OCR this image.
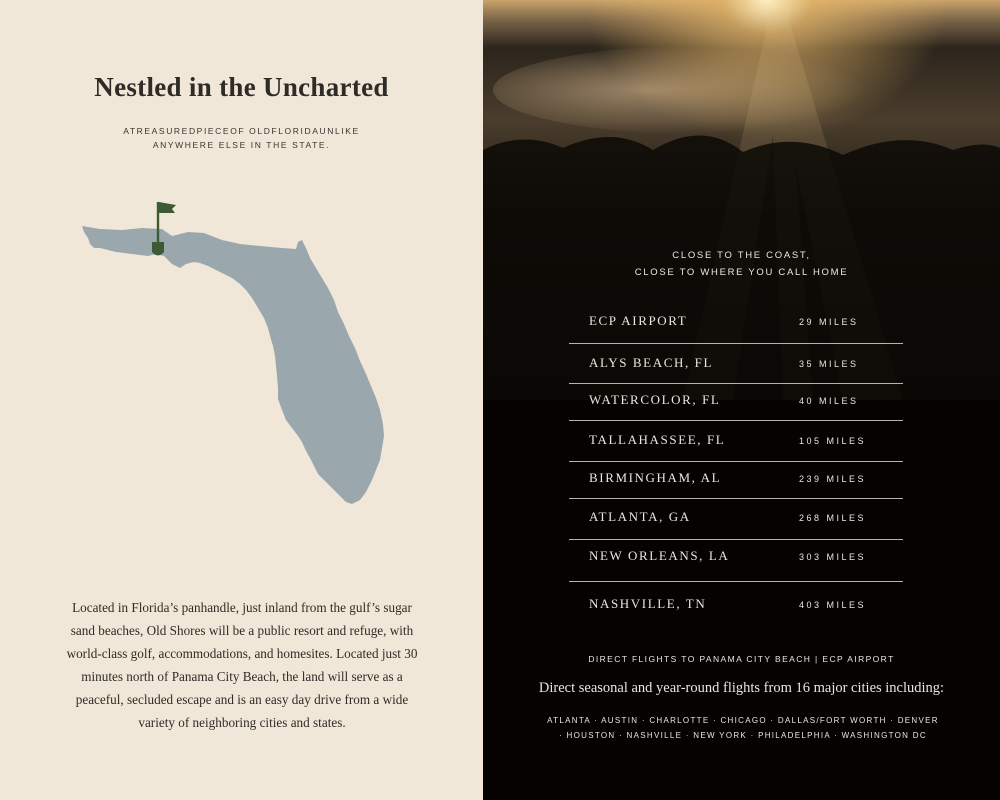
Nestled in the Uncharted
ATREASUREDPIECEOF OLDFLORIDAUNLIKE
ANYWHERE ELSE IN THE STATE.

Located in Florida’s panhandle, just inland from the gulf’s sugar sand beaches, Old Shores will be a public resort and refuge, with world-class golf, accommodations, and homesites. Located just 30 minutes north of Panama City Beach, the land will serve as a peaceful, secluded escape and is an easy day drive from a wide variety of neighboring cities and states.

CLOSE TO THE COAST,
CLOSE TO WHERE YOU CALL HOME
ECP AIRPORT	29 MILES
ALYS BEACH, FL	35 MILES
WATERCOLOR, FL	40 MILES
TALLAHASSEE, FL	105 MILES
BIRMINGHAM, AL	239 MILES
ATLANTA, GA	268 MILES
NEW ORLEANS, LA	303 MILES
NASHVILLE, TN	403 MILES
DIRECT FLIGHTS TO PANAMA CITY BEACH | ECP AIRPORT
Direct seasonal and year-round flights from 16 major cities including:
ATLANTA · AUSTIN · CHARLOTTE · CHICAGO · DALLAS/FORT WORTH · DENVER
· HOUSTON · NASHVILLE · NEW YORK · PHILADELPHIA · WASHINGTON DC
